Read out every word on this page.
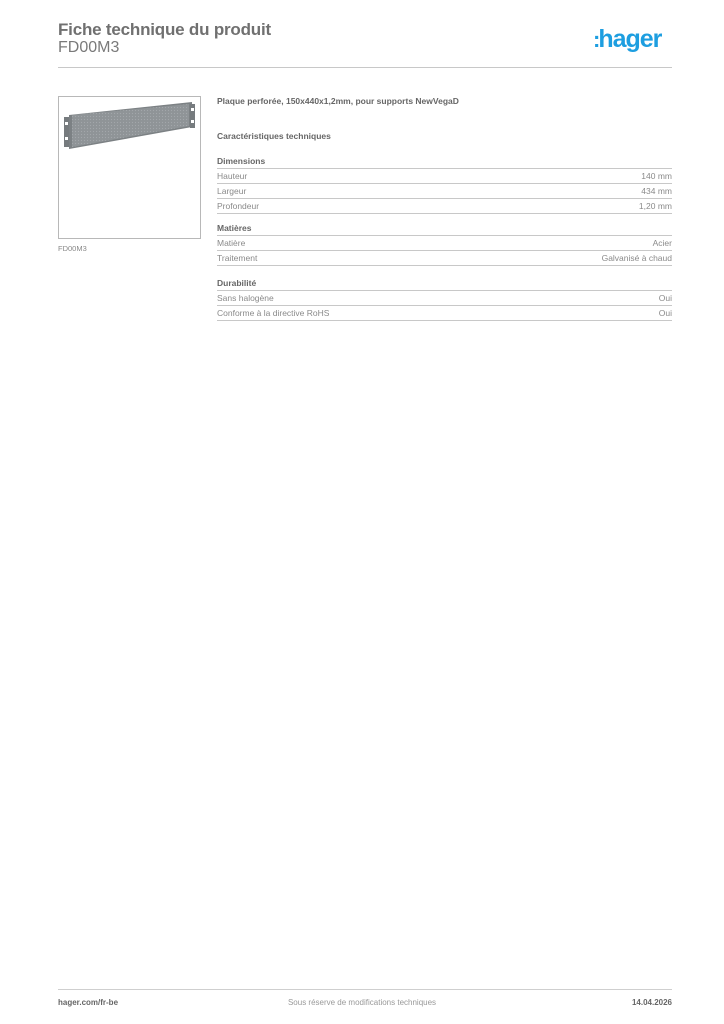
Fiche technique du produit
FD00M3	:hager
FD00M3
Plaque perforée, 150x440x1,2mm, pour supports NewVegaD
Caractéristiques techniques
Dimensions
Hauteur	140 mm
Largeur	434 mm
Profondeur	1,20 mm
Matières
Matière	Acier
Traitement	Galvanisé à chaud
Durabilité
Sans halogène	Oui
Conforme à la directive RoHS	Oui
Sous réserve de modifications techniques
hager.com/fr-be	14.04.2026
